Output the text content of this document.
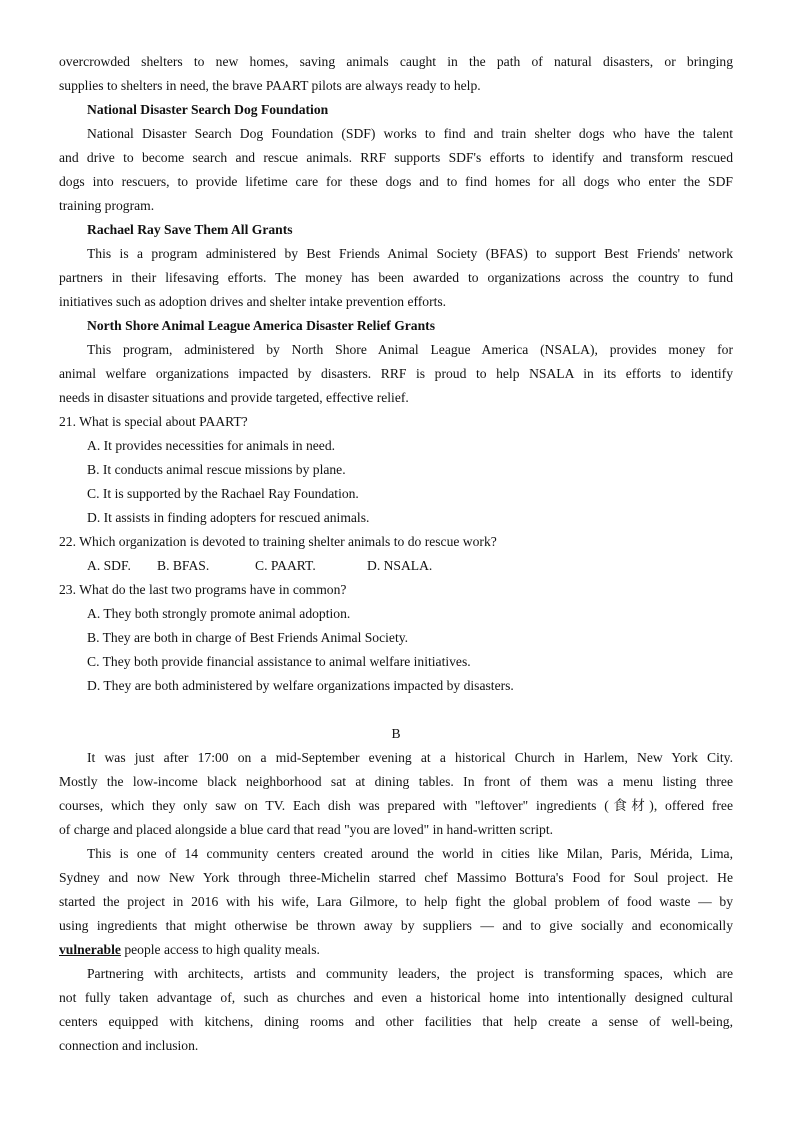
overcrowded shelters to new homes, saving animals caught in the path of natural disasters, or bringing
supplies to shelters in need, the brave PAART pilots are always ready to help.
National Disaster Search Dog Foundation
National Disaster Search Dog Foundation (SDF) works to find and train shelter dogs who have the talent
and drive to become search and rescue animals. RRF supports SDF's efforts to identify and transform rescued
dogs into rescuers, to provide lifetime care for these dogs and to find homes for all dogs who enter the SDF
training program.
Rachael Ray Save Them All Grants
This is a program administered by Best Friends Animal Society (BFAS) to support Best Friends' network
partners in their lifesaving efforts. The money has been awarded to organizations across the country to fund
initiatives such as adoption drives and shelter intake prevention efforts.
North Shore Animal League America Disaster Relief Grants
This program, administered by North Shore Animal League America (NSALA), provides money for
animal welfare organizations impacted by disasters. RRF is proud to help NSALA in its efforts to identify
needs in disaster situations and provide targeted, effective relief.
21. What is special about PAART?
A. It provides necessities for animals in need.
B. It conducts animal rescue missions by plane.
C. It is supported by the Rachael Ray Foundation.
D. It assists in finding adopters for rescued animals.
22. Which organization is devoted to training shelter animals to do rescue work?
A. SDF. B. BFAS.	C. PAART.	D. NSALA.
23. What do the last two programs have in common?
A. They both strongly promote animal adoption.
B. They are both in charge of Best Friends Animal Society.
C. They both provide financial assistance to animal welfare initiatives.
D. They are both administered by welfare organizations impacted by disasters.
B
It was just after 17:00 on a mid-September evening at a historical Church in Harlem, New York City.
Mostly the low-income black neighborhood sat at dining tables. In front of them was a menu listing three
courses, which they only saw on TV. Each dish was prepared with "leftover" ingredients (食材), offered free
of charge and placed alongside a blue card that read "you are loved" in hand-written script.
This is one of 14 community centers created around the world in cities like Milan, Paris, Mérida, Lima,
Sydney and now New York through three-Michelin starred chef Massimo Bottura's Food for Soul project. He
started the project in 2016 with his wife, Lara Gilmore, to help fight the global problem of food waste — by
using ingredients that might otherwise be thrown away by suppliers — and to give socially and economically
vulnerable people access to high quality meals.
Partnering with architects, artists and community leaders, the project is transforming spaces, which are
not fully taken advantage of, such as churches and even a historical home into intentionally designed cultural
centers equipped with kitchens, dining rooms and other facilities that help create a sense of well-being,
connection and inclusion.
